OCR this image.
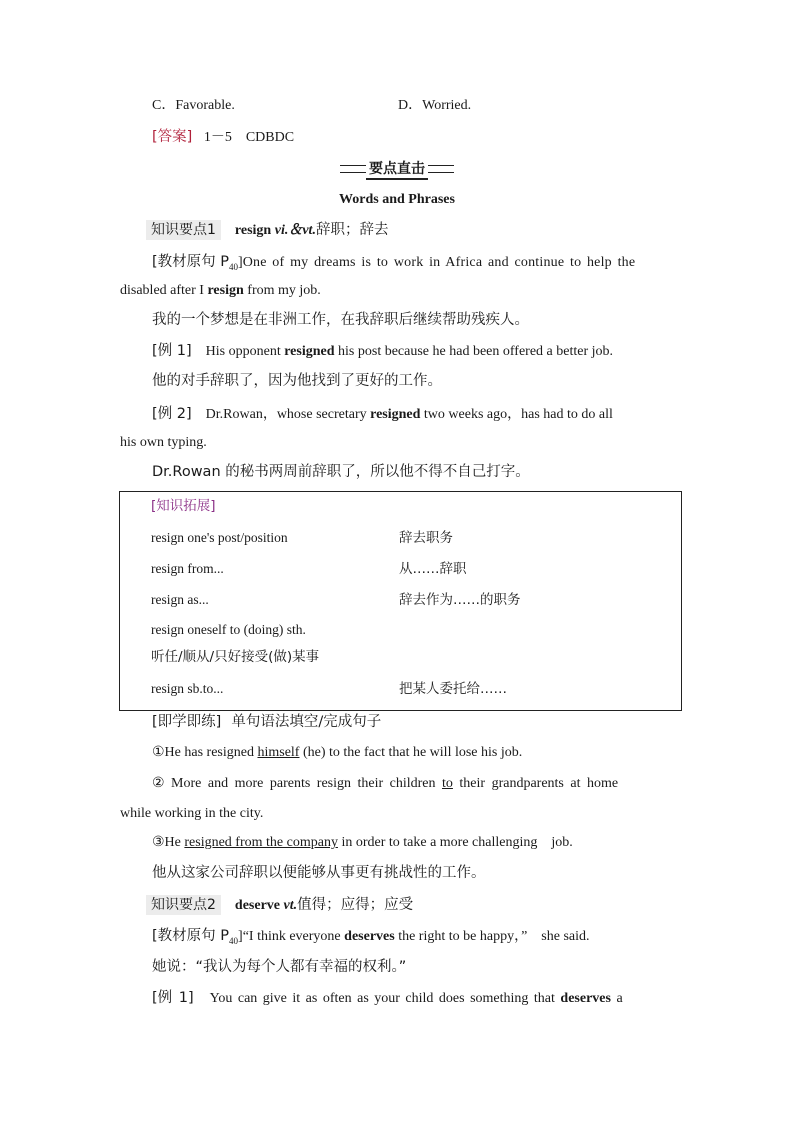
C．Favorable.	D．Worried.
[答案] 1－5　CDBDC
要点直击
Words and Phrases
知识要点1 resign vi.＆vt.辞职；辞去
[教材原句 $P_{40}]One$ of my dreams is to work in Africa and continue to help the
disabled after I resign from my job.
我的一个梦想是在非洲工作，在我辞职后继续帮助残疾人。
[例 1] His opponent resigned his post because he had been offered a better job.
他的对手辞职了，因为他找到了更好的工作。
[例 2] Dr.Rowan，whose secretary resigned two weeks ago，has had to do all
his own typing.
Dr.Rowan 的秘书两周前辞职了，所以他不得不自己打字。
[知识拓展]
resign one's post/position	辞去职务
resign from...	从……辞职
resign as...	辞去作为……的职务
resign oneself to (doing) sth.
听任/顺从/只好接受(做)某事
resign sb.to...	把某人委托给……
[即学即练] 单句语法填空/完成句子
①He has resigned himself (he) to the fact that he will lose his job.
② More and more parents resign their children to their grandparents at home
while working in the city.
③He resigned from the company in order to take a more challenging　job.
他从这家公司辞职以便能够从事更有挑战性的工作。
知识要点2 deserve vt.值得；应得；应受
[教材原句 $P_{40}]“I$ think everyone deserves the right to be happy，”　she said.
她说：“我认为每个人都有幸福的权利。”
[例 1] You can give it as often as your child does something that deserves a
